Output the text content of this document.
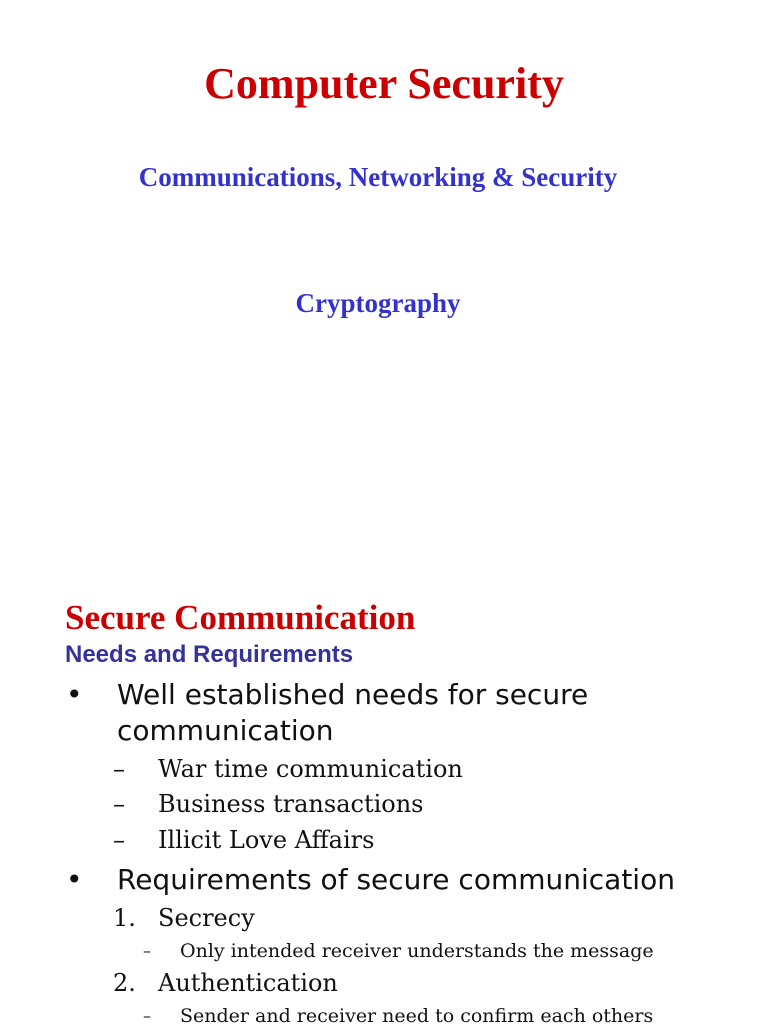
Computer Security
Communications, Networking & Security
Cryptography
Secure Communication
Needs and Requirements
• Well established needs for secure
communication
– War time communication
– Business transactions
– Illicit Love Affairs
• Requirements of secure communication
1. Secrecy
– Only intended receiver understands the message
2. Authentication
– Sender and receiver need to confirm each others
